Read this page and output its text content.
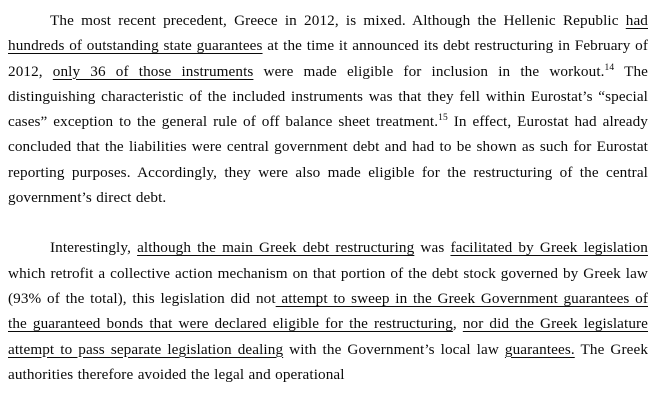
The most recent precedent, Greece in 2012, is mixed. Although the Hellenic Republic had hundreds of outstanding state guarantees at the time it announced its debt restructuring in February of 2012, only 36 of those instruments were made eligible for inclusion in the workout.$^{14}$ The distinguishing characteristic of the included instruments was that they fell within Eurostat’s “special cases” exception to the general rule of off balance sheet treatment.$^{15}$ In effect, Eurostat had already concluded that the liabilities were central government debt and had to be shown as such for Eurostat reporting purposes. Accordingly, they were also made eligible for the restructuring of the central government’s direct debt.

Interestingly, although the main Greek debt restructuring was facilitated by Greek legislation which retrofit a collective action mechanism on that portion of the debt stock governed by Greek law (93% of the total), this legislation did not attempt to sweep in the Greek Government guarantees of the guaranteed bonds that were declared eligible for the restructuring, nor did the Greek legislature attempt to pass separate legislation dealing with the Government’s local law guarantees. The Greek authorities therefore avoided the legal and operational
